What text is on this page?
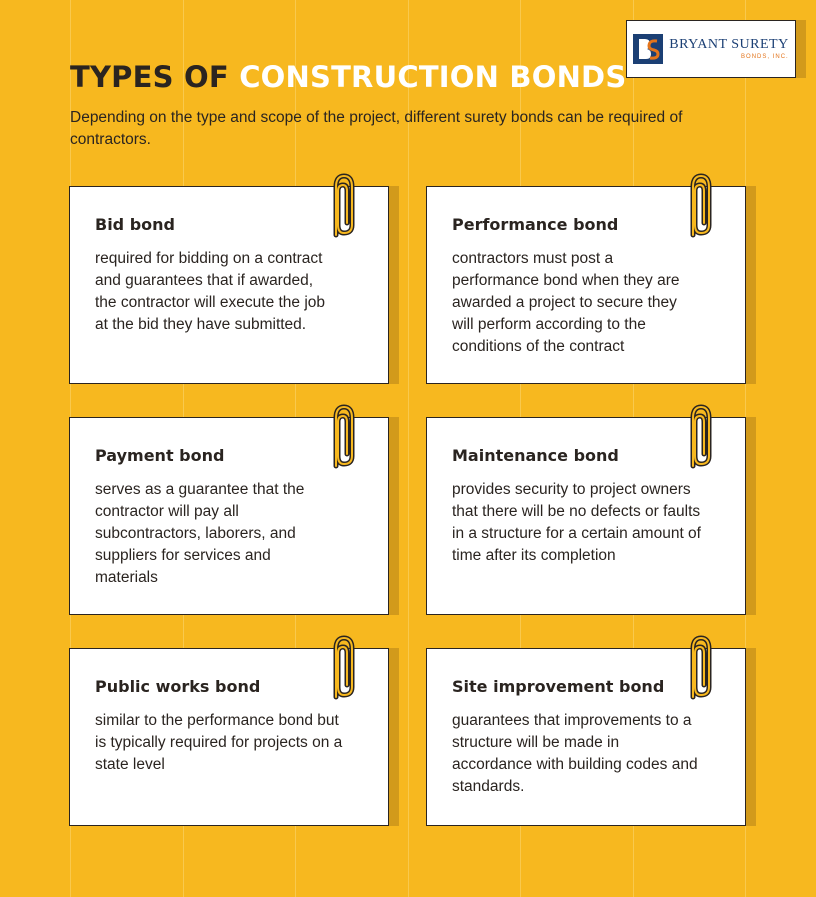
BRYANT SURETY
BONDS, INC.
TYPES OF CONSTRUCTION BONDS

Depending on the type and scope of the project, different surety bonds can be required of contractors.

Bid bond

required for bidding on a contract and guarantees that if awarded, the contractor will execute the job at the bid they have submitted.

Performance bond

contractors must post a performance bond when they are awarded a project to secure they will perform according to the conditions of the contract

Payment bond

serves as a guarantee that the contractor will pay all subcontractors, laborers, and suppliers for services and materials

Maintenance bond

provides security to project owners that there will be no defects or faults in a structure for a certain amount of time after its completion

Public works bond

similar to the performance bond but is typically required for projects on a state level

Site improvement bond

guarantees that improvements to a structure will be made in accordance with building codes and standards.
